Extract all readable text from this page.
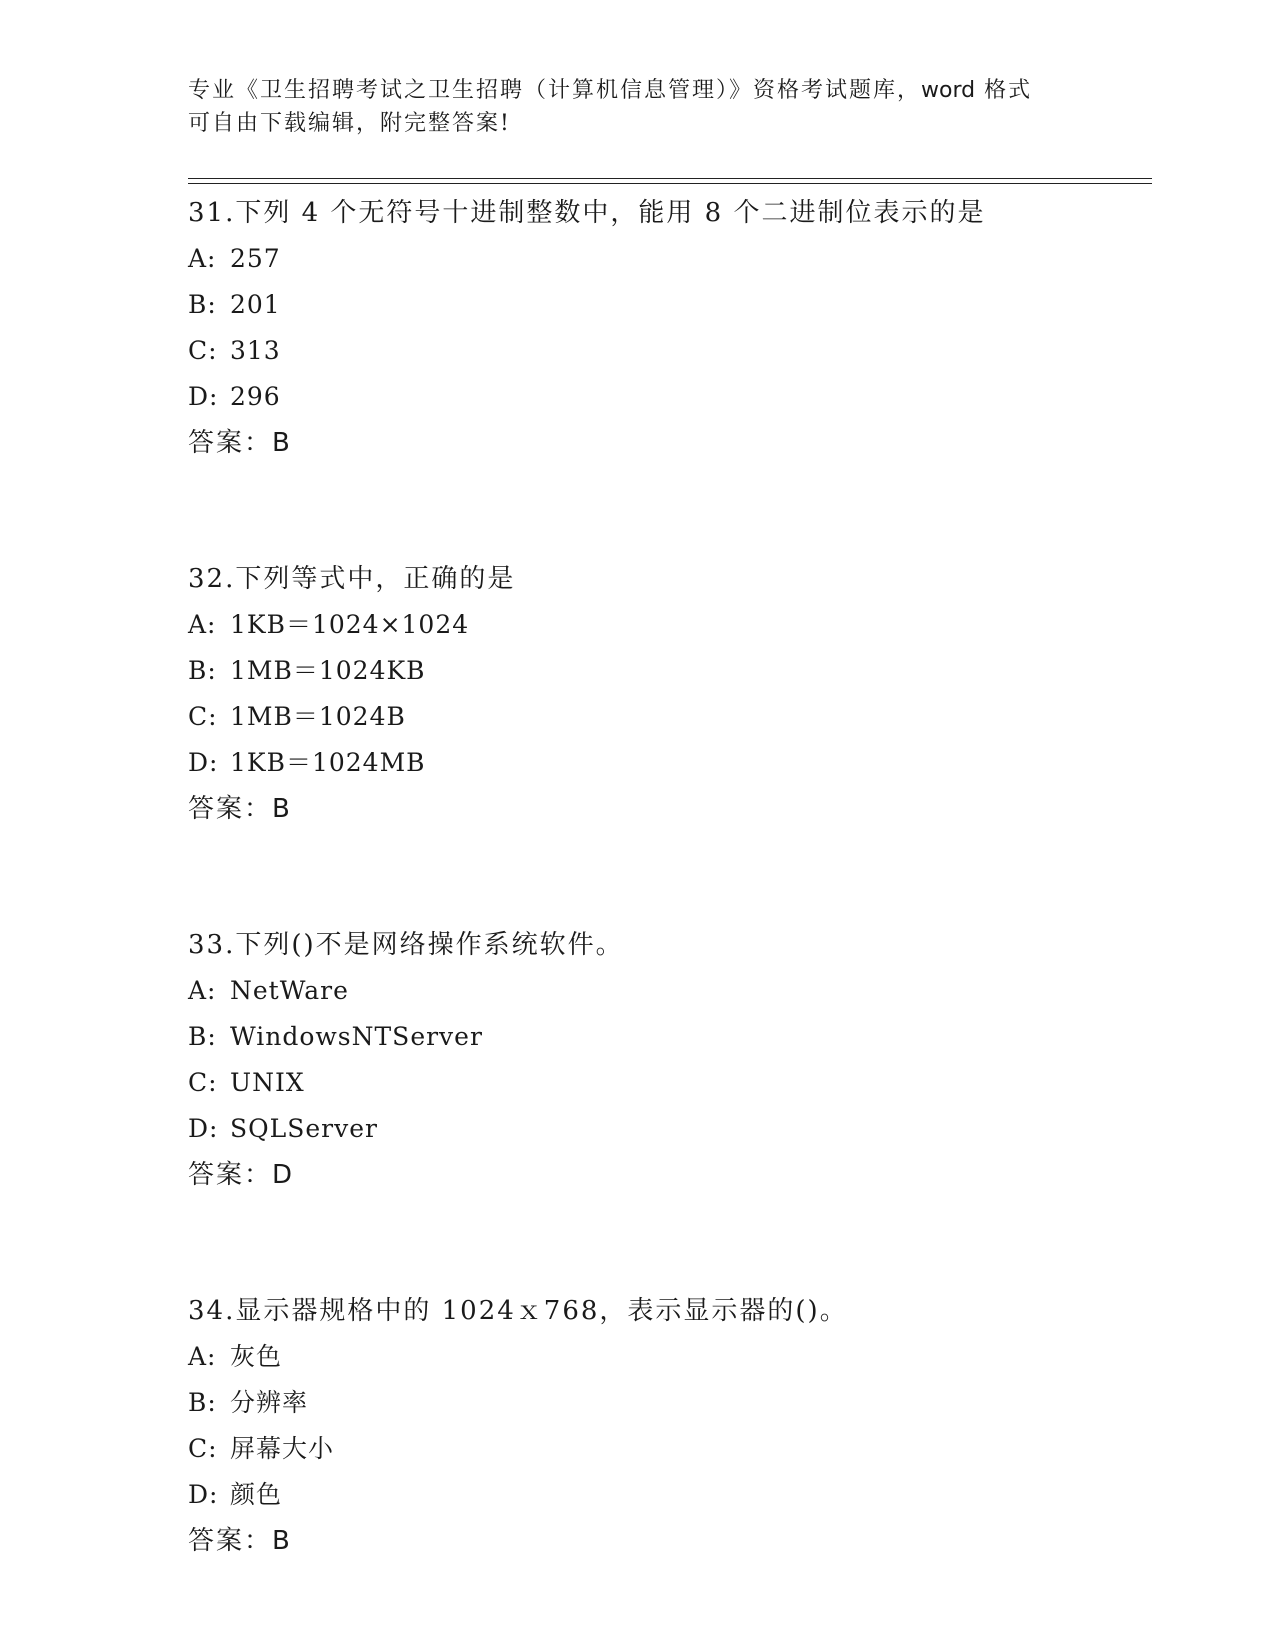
专业《卫生招聘考试之卫生招聘（计算机信息管理）》资格考试题库，word 格式
可自由下载编辑，附完整答案!
31.下列 4 个无符号十进制整数中，能用 8 个二进制位表示的是
A: 257
B: 201
C: 313
D: 296
答案：B
32.下列等式中，正确的是
A: 1KB＝1024×1024
B: 1MB＝1024KB
C: 1MB＝1024B
D: 1KB＝1024MB
答案：B
33.下列()不是网络操作系统软件。
A: NetWare
B: WindowsNTServer
C: UNIX
D: SQLServer
答案：D
34.显示器规格中的 1024ｘ768，表示显示器的()。
A: 灰色
B: 分辨率
C: 屏幕大小
D: 颜色
答案：B
